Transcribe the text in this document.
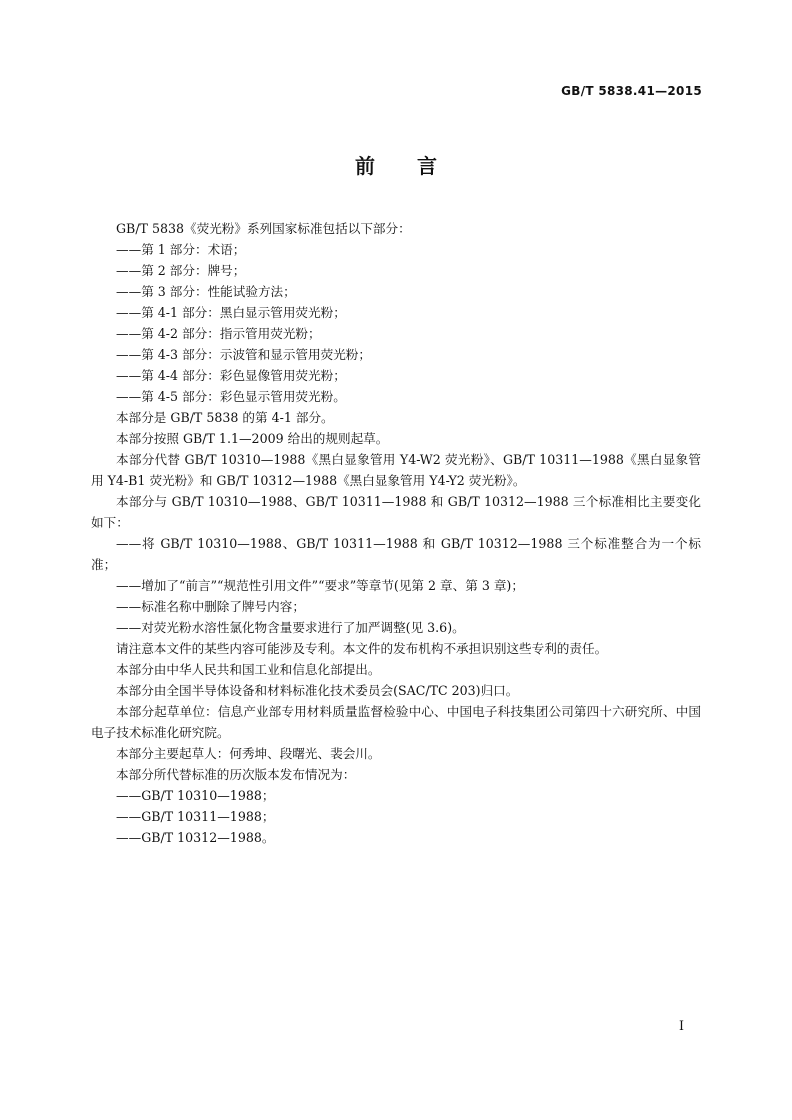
GB/T 5838.41—2015
前言

GB/T 5838《荧光粉》系列国家标准包括以下部分：

——第 1 部分：术语；

——第 2 部分：牌号；

——第 3 部分：性能试验方法；

——第 4-1 部分：黑白显示管用荧光粉；

——第 4-2 部分：指示管用荧光粉；

——第 4-3 部分：示波管和显示管用荧光粉；

——第 4-4 部分：彩色显像管用荧光粉；

——第 4-5 部分：彩色显示管用荧光粉。

本部分是 GB/T 5838 的第 4-1 部分。

本部分按照 GB/T 1.1—2009 给出的规则起草。

本部分代替 GB/T 10310—1988《黑白显象管用 Y4-W2 荧光粉》、GB/T 10311—1988《黑白显象管用 Y4-B1 荧光粉》和 GB/T 10312—1988《黑白显象管用 Y4-Y2 荧光粉》。

本部分与 GB/T 10310—1988、GB/T 10311—1988 和 GB/T 10312—1988 三个标准相比主要变化如下：

——将 GB/T 10310—1988、GB/T 10311—1988 和 GB/T 10312—1988 三个标准整合为一个标准；

——增加了“前言”“规范性引用文件”“要求”等章节(见第 2 章、第 3 章)；

——标准名称中删除了牌号内容；

——对荧光粉水溶性氯化物含量要求进行了加严调整(见 3.6)。

请注意本文件的某些内容可能涉及专利。本文件的发布机构不承担识别这些专利的责任。

本部分由中华人民共和国工业和信息化部提出。

本部分由全国半导体设备和材料标准化技术委员会(SAC/TC 203)归口。

本部分起草单位：信息产业部专用材料质量监督检验中心、中国电子科技集团公司第四十六研究所、中国电子技术标准化研究院。

本部分主要起草人：何秀坤、段曙光、裴会川。

本部分所代替标准的历次版本发布情况为：

——GB/T 10310—1988；

——GB/T 10311—1988；

——GB/T 10312—1988。

I
